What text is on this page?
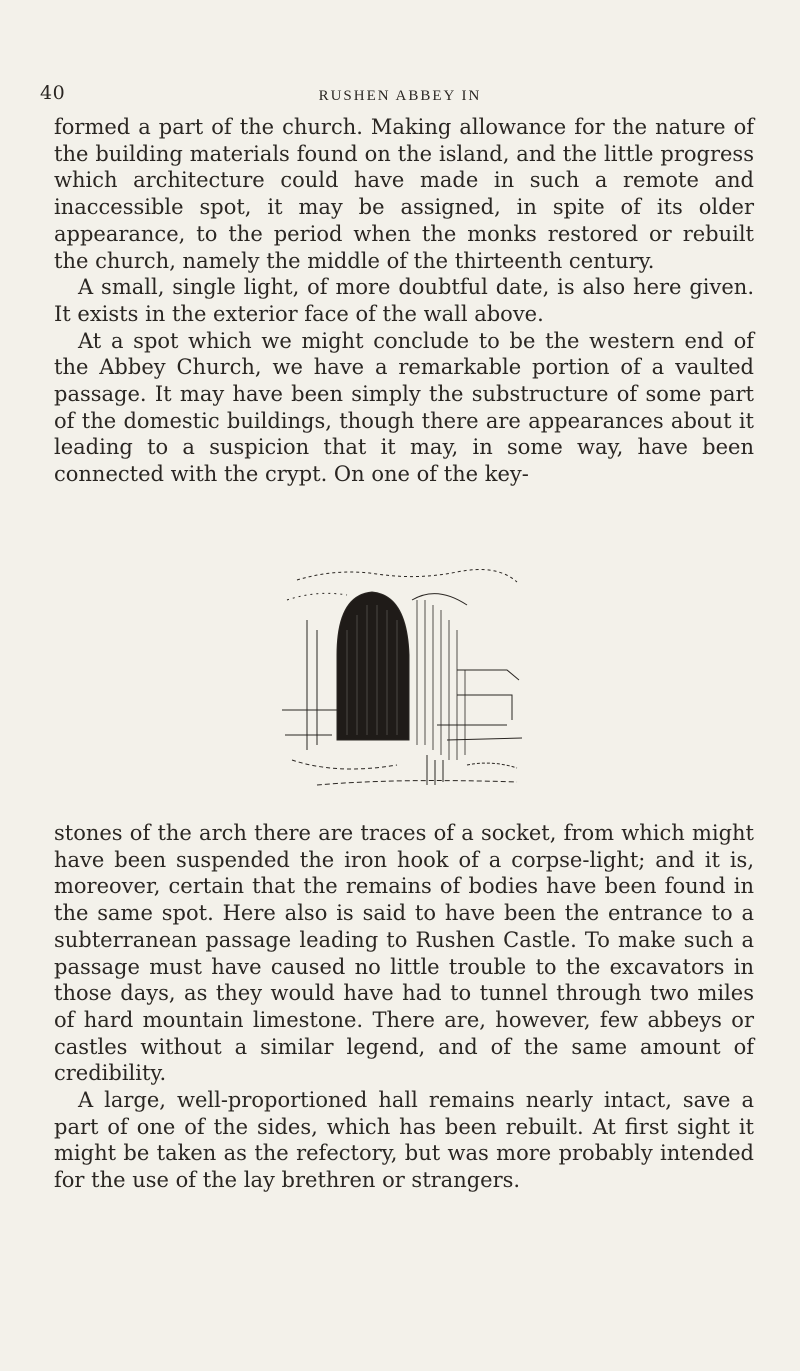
40	RUSHEN ABBEY IN

formed a part of the church. Making allowance for the nature of the building materials found on the island, and the little progress which architecture could have made in such a remote and inaccessible spot, it may be assigned, in spite of its older appearance, to the period when the monks restored or rebuilt the church, namely the middle of the thirteenth century.

A small, single light, of more doubtful date, is also here given. It exists in the exterior face of the wall above.

At a spot which we might conclude to be the western end of the Abbey Church, we have a remarkable portion of a vaulted passage. It may have been simply the substructure of some part of the domestic buildings, though there are appearances about it leading to a suspicion that it may, in some way, have been connected with the crypt. On one of the key-

stones of the arch there are traces of a socket, from which might have been suspended the iron hook of a corpse-light; and it is, moreover, certain that the remains of bodies have been found in the same spot. Here also is said to have been the entrance to a subterranean passage leading to Rushen Castle. To make such a passage must have caused no little trouble to the excavators in those days, as they would have had to tunnel through two miles of hard mountain limestone. There are, however, few abbeys or castles without a similar legend, and of the same amount of credibility.

A large, well-proportioned hall remains nearly intact, save a part of one of the sides, which has been rebuilt. At first sight it might be taken as the refectory, but was more probably intended for the use of the lay brethren or strangers.
